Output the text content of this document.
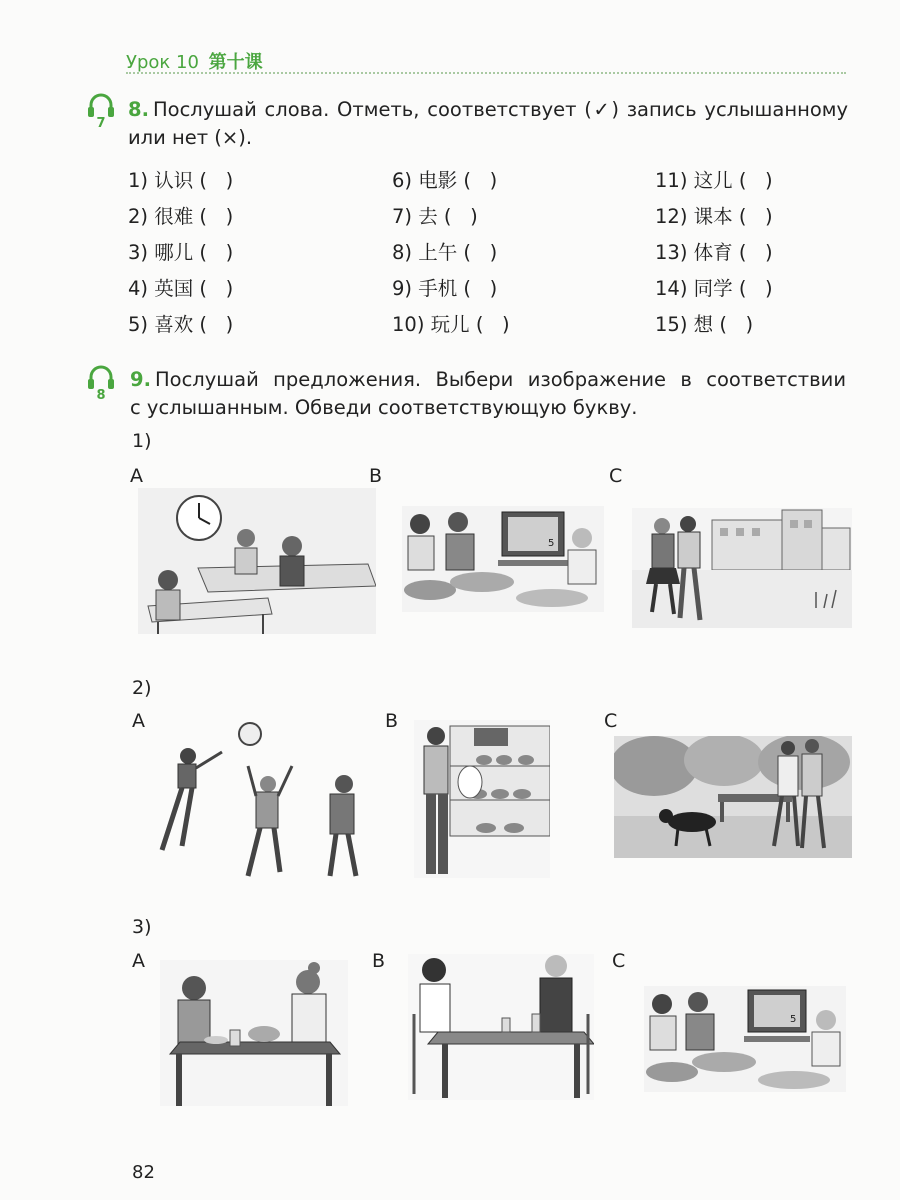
Урок 10 第十课
7
8. Послушай слова. Отметь, соответствует (✓) запись услышанному
или нет (×).
1) 认识 (   )
2) 很难 (   )
3) 哪儿 (   )
4) 英国 (   )
5) 喜欢 (   )
6) 电影 (   )
7) 去 (   )
8) 上午 (   )
9) 手机 (   )
10) 玩儿 (   )
11) 这儿 (   )
12) 课本 (   )
13) 体育 (   )
14) 同学 (   )
15) 想 (   )
8
9. Послушай предложения. Выбери изображение в соответствии
с услышанным. Обведи соответствующую букву.
1)
A	B	C
5
2)
A	B	C
3)
A	B	C
5
82
